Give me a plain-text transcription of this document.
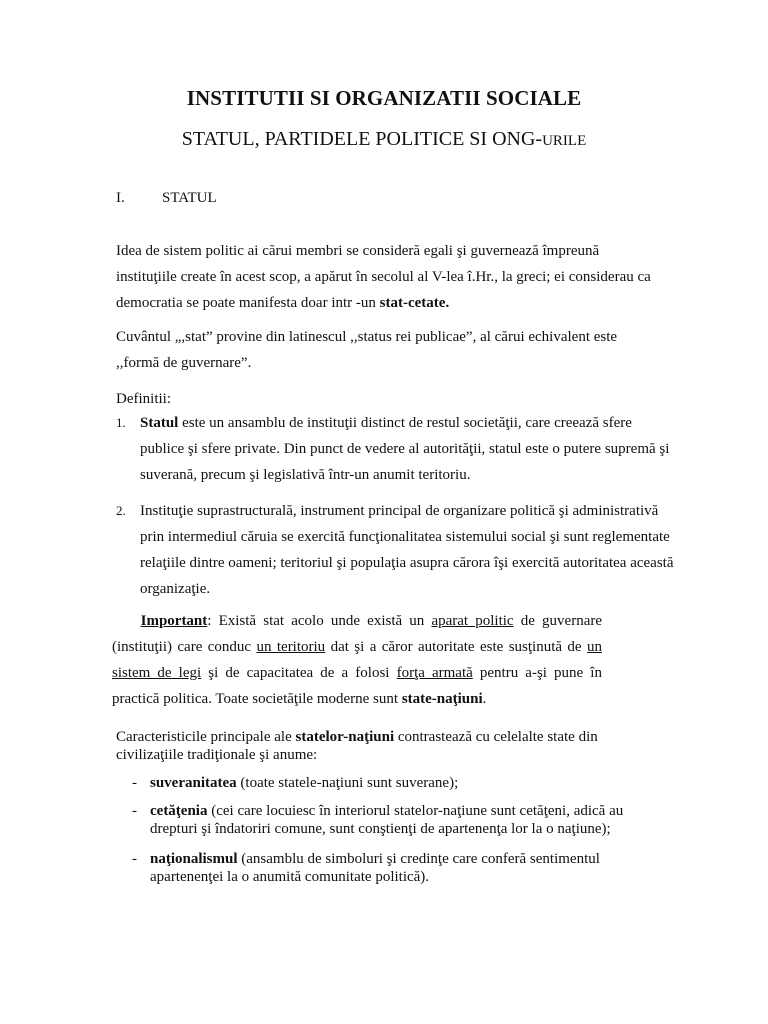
INSTITUTII SI ORGANIZATII SOCIALE
STATUL, PARTIDELE POLITICE SI ONG-URILE
I. STATUL
Idea de sistem politic ai cărui membri se consideră egali şi guvernează împreună instituţiile create în acest scop, a apărut în secolul al V-lea î.Hr., la greci; ei considerau ca democratia se poate manifesta doar intr -un stat-cetate.
Cuvântul „,stat” provine din latinescul ,,status rei publicae”, al cărui echivalent este ,,formă de guvernare”.
Definitii:
1. Statul este un ansamblu de instituţii distinct de restul societăţii, care creează sfere publice şi sfere private. Din punct de vedere al autorităţii, statul este o putere supremă şi suverană, precum şi legislativă într-un anumit teritoriu.
2. Instituţie suprastructurală, instrument principal de organizare politică şi administrativă prin intermediul căruia se exercită funcţionalitatea sistemului social şi sunt reglementate relaţiile dintre oameni; teritoriul şi populaţia asupra cărora îşi exercită autoritatea această organizaţie.
Important: Există stat acolo unde există un aparat politic de guvernare (instituţii) care conduc un teritoriu dat şi a căror autoritate este susţinută de un sistem de legi şi de capacitatea de a folosi forţa armată pentru a-şi pune în practică politica. Toate societăţile moderne sunt state-naţiuni.
Caracteristicile principale ale statelor-naţiuni contrastează cu celelalte state din civilizaţiile tradiţionale şi anume:
- suveranitatea (toate statele-naţiuni sunt suverane);
- cetăţenia (cei care locuiesc în interiorul statelor-naţiune sunt cetăţeni, adică au drepturi şi îndatoriri comune, sunt conştienţi de apartenenţa lor la o naţiune);
- naţionalismul (ansamblu de simboluri şi credinţe care conferă sentimentul apartenenţei la o anumită comunitate politică).
